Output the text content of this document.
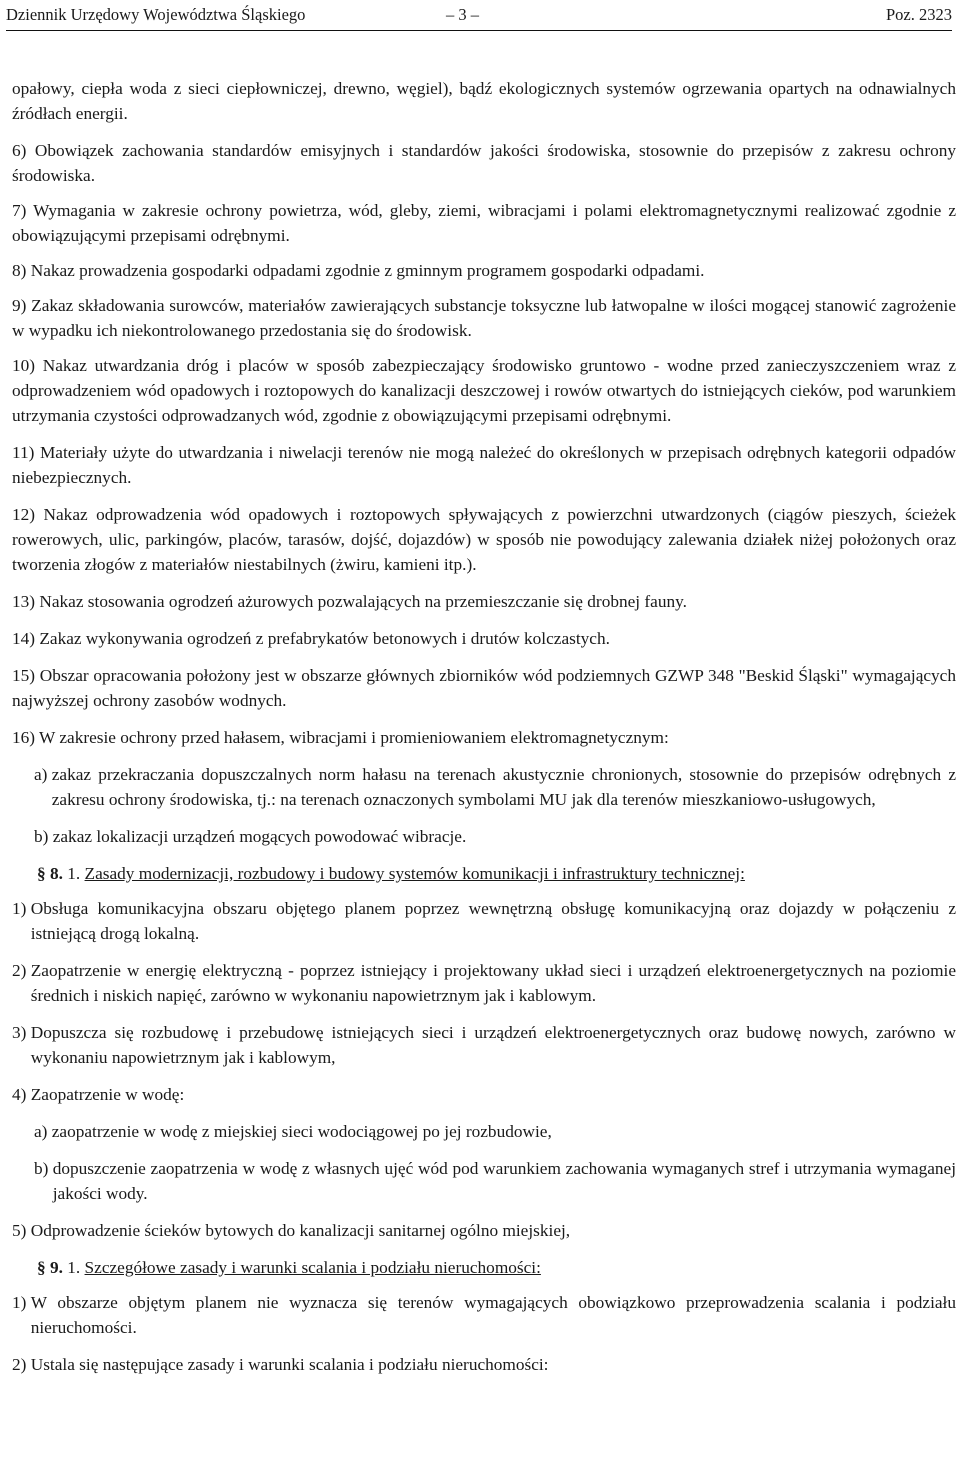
Dziennik Urzędowy Województwa Śląskiego	– 3 –	Poz. 2323

opałowy, ciepła woda z sieci ciepłowniczej, drewno, węgiel), bądź ekologicznych systemów ogrzewania opartych na odnawialnych źródłach energii.

6) Obowiązek zachowania standardów emisyjnych i standardów jakości środowiska, stosownie do przepisów z zakresu ochrony środowiska.

7) Wymagania w zakresie ochrony powietrza, wód, gleby, ziemi, wibracjami i polami elektromagnetycznymi realizować zgodnie z obowiązującymi przepisami odrębnymi.

8) Nakaz prowadzenia gospodarki odpadami zgodnie z gminnym programem gospodarki odpadami.

9) Zakaz składowania surowców, materiałów zawierających substancje toksyczne lub łatwopalne w ilości mogącej stanowić zagrożenie w wypadku ich niekontrolowanego przedostania się do środowisk.

10) Nakaz utwardzania dróg i placów w sposób zabezpieczający środowisko gruntowo - wodne przed zanieczyszczeniem wraz z odprowadzeniem wód opadowych i roztopowych do kanalizacji deszczowej i rowów otwartych do istniejących cieków, pod warunkiem utrzymania czystości odprowadzanych wód, zgodnie z obowiązującymi przepisami odrębnymi.

11) Materiały użyte do utwardzania i niwelacji terenów nie mogą należeć do określonych w przepisach odrębnych kategorii odpadów niebezpiecznych.

12) Nakaz odprowadzenia wód opadowych i roztopowych spływających z powierzchni utwardzonych (ciągów pieszych, ścieżek rowerowych, ulic, parkingów, placów, tarasów, dojść, dojazdów) w sposób nie powodujący zalewania działek niżej położonych oraz tworzenia złogów z materiałów niestabilnych (żwiru, kamieni itp.).

13) Nakaz stosowania ogrodzeń ażurowych pozwalających na przemieszczanie się drobnej fauny.

14) Zakaz wykonywania ogrodzeń z prefabrykatów betonowych i drutów kolczastych.

15) Obszar opracowania położony jest w obszarze głównych zbiorników wód podziemnych GZWP 348 "Beskid Śląski" wymagających najwyższej ochrony zasobów wodnych.

16) W zakresie ochrony przed hałasem, wibracjami i promieniowaniem elektromagnetycznym:

a) zakaz przekraczania dopuszczalnych norm hałasu na terenach akustycznie chronionych, stosownie do przepisów odrębnych z zakresu ochrony środowiska, tj.: na terenach oznaczonych symbolami MU jak dla terenów mieszkaniowo-usługowych,

b) zakaz lokalizacji urządzeń mogących powodować wibracje.

§ 8. 1. Zasady modernizacji, rozbudowy i budowy systemów komunikacji i infrastruktury technicznej:

1) Obsługa komunikacyjna obszaru objętego planem poprzez wewnętrzną obsługę komunikacyjną oraz dojazdy w połączeniu z istniejącą drogą lokalną.
2) Zaopatrzenie w energię elektryczną - poprzez istniejący i projektowany układ sieci i urządzeń elektroenergetycznych na poziomie średnich i niskich napięć, zarówno w wykonaniu napowietrznym jak i kablowym.
3) Dopuszcza się rozbudowę i przebudowę istniejących sieci i urządzeń elektroenergetycznych oraz budowę nowych, zarówno w wykonaniu napowietrznym jak i kablowym,

4) Zaopatrzenie w wodę:

a) zaopatrzenie w wodę z miejskiej sieci wodociągowej po jej rozbudowie,

b) dopuszczenie zaopatrzenia w wodę z własnych ujęć wód pod warunkiem zachowania wymaganych stref i utrzymania wymaganej jakości wody.

5) Odprowadzenie ścieków bytowych do kanalizacji sanitarnej ogólno miejskiej,

§ 9. 1. Szczegółowe zasady i warunki scalania i podziału nieruchomości:

1) W obszarze objętym planem nie wyznacza się terenów wymagających obowiązkowo przeprowadzenia scalania i podziału nieruchomości.

2) Ustala się następujące zasady i warunki scalania i podziału nieruchomości:
